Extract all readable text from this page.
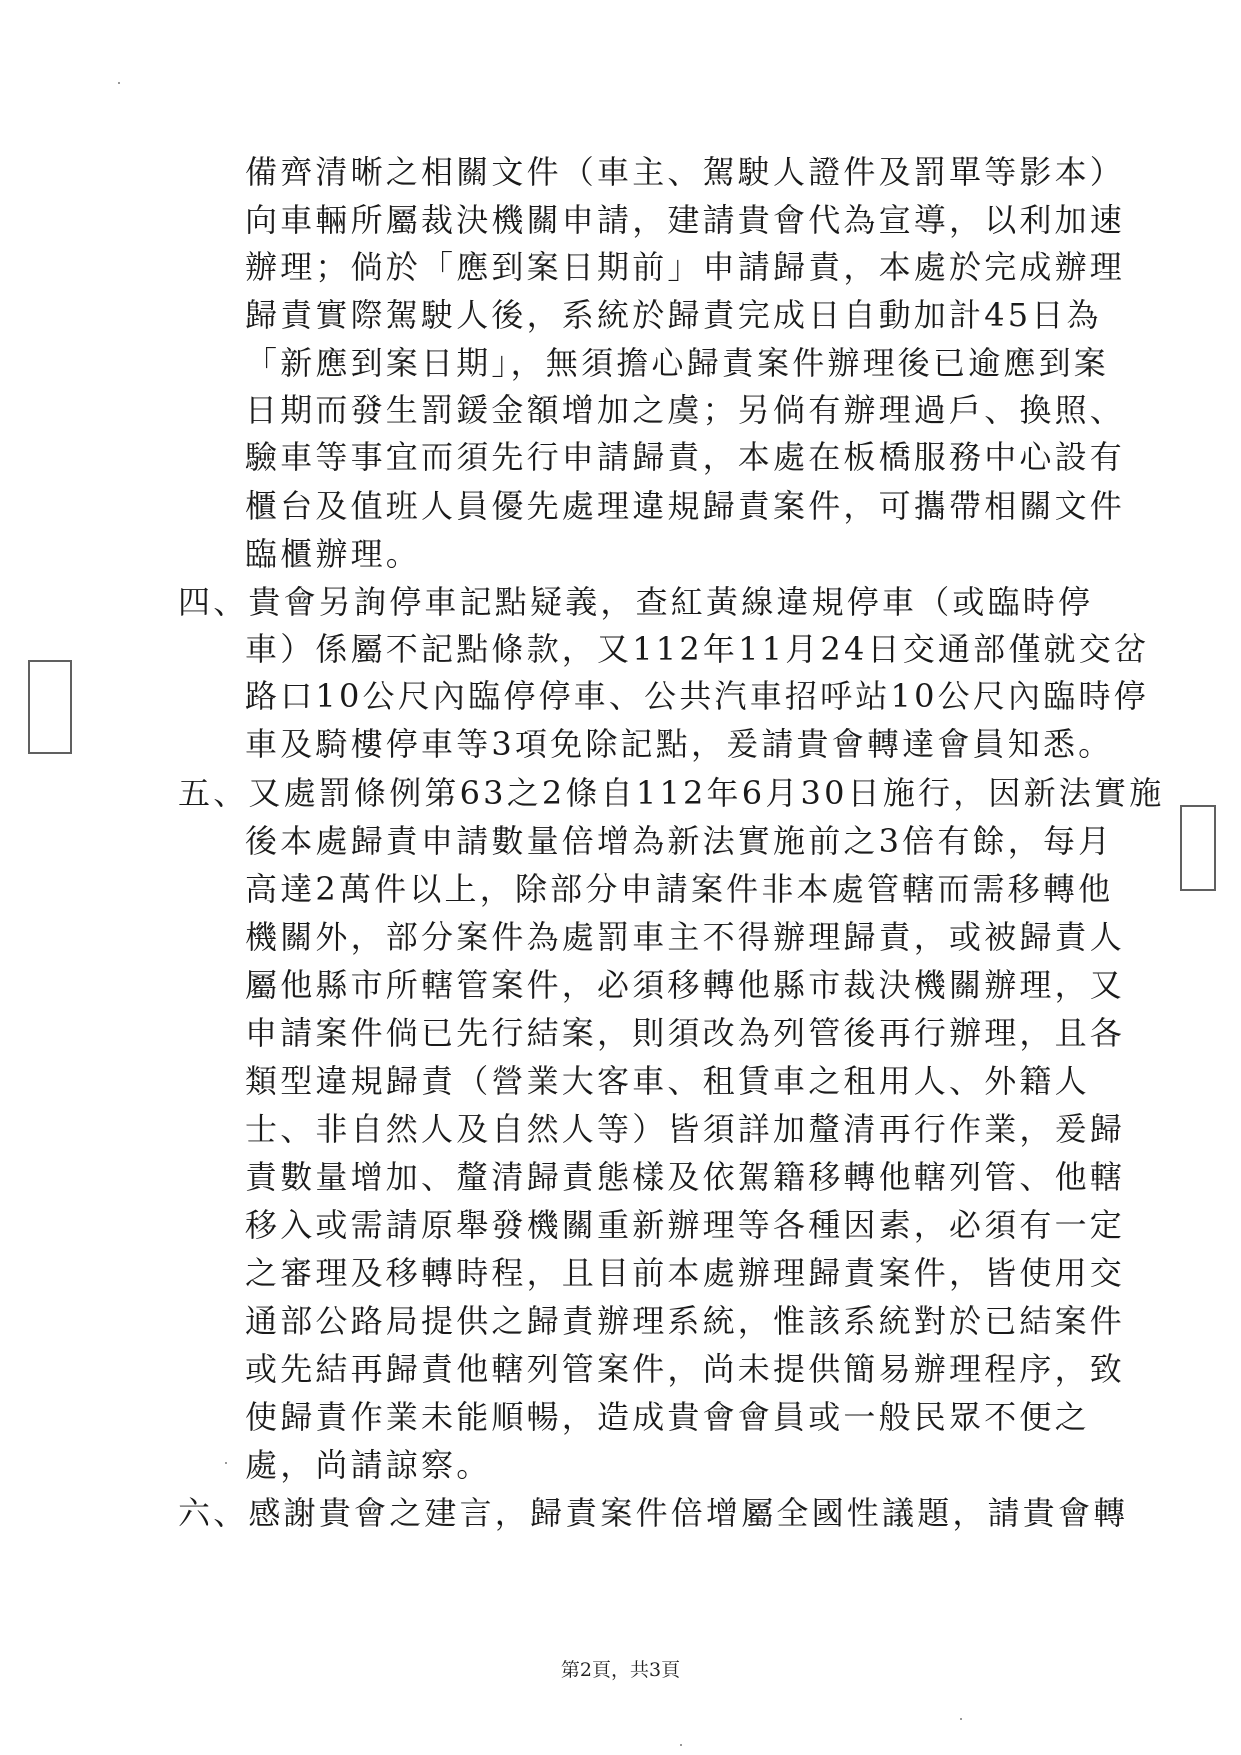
備齊清晰之相關文件（車主、駕駛人證件及罰單等影本）
向車輛所屬裁決機關申請，建請貴會代為宣導，以利加速
辦理；倘於「應到案日期前」申請歸責，本處於完成辦理
歸責實際駕駛人後，系統於歸責完成日自動加計45日為
「新應到案日期」，無須擔心歸責案件辦理後已逾應到案
日期而發生罰鍰金額增加之虞；另倘有辦理過戶、換照、
驗車等事宜而須先行申請歸責，本處在板橋服務中心設有
櫃台及值班人員優先處理違規歸責案件，可攜帶相關文件
臨櫃辦理。
四、貴會另詢停車記點疑義，查紅黃線違規停車（或臨時停
車）係屬不記點條款，又112年11月24日交通部僅就交岔
路口10公尺內臨停停車、公共汽車招呼站10公尺內臨時停
車及騎樓停車等3項免除記點，爰請貴會轉達會員知悉。
五、又處罰條例第63之2條自112年6月30日施行，因新法實施
後本處歸責申請數量倍增為新法實施前之3倍有餘，每月
高達2萬件以上，除部分申請案件非本處管轄而需移轉他
機關外，部分案件為處罰車主不得辦理歸責，或被歸責人
屬他縣市所轄管案件，必須移轉他縣市裁決機關辦理，又
申請案件倘已先行結案，則須改為列管後再行辦理，且各
類型違規歸責（營業大客車、租賃車之租用人、外籍人
士、非自然人及自然人等）皆須詳加釐清再行作業，爰歸
責數量增加、釐清歸責態樣及依駕籍移轉他轄列管、他轄
移入或需請原舉發機關重新辦理等各種因素，必須有一定
之審理及移轉時程，且目前本處辦理歸責案件，皆使用交
通部公路局提供之歸責辦理系統，惟該系統對於已結案件
或先結再歸責他轄列管案件，尚未提供簡易辦理程序，致
使歸責作業未能順暢，造成貴會會員或一般民眾不便之
處，尚請諒察。
六、感謝貴會之建言，歸責案件倍增屬全國性議題，請貴會轉
第2頁，共3頁
